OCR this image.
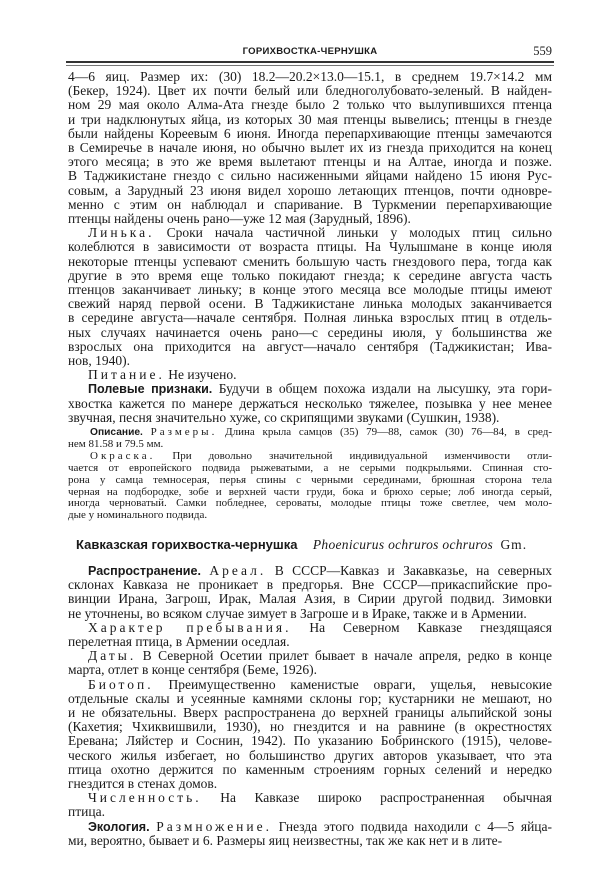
ГОРИХВОСТКА-ЧЕРНУШКА	559
4—6 яиц. Размер их: (30) 18.2—20.2×13.0—15.1, в среднем 19.7×14.2 мм
(Бекер, 1924). Цвет их почти белый или бледноголубовато-зеленый. В найден-
ном 29 мая около Алма-Ата гнезде было 2 только что вылупившихся птенца
и три надклюнутых яйца, из которых 30 мая птенцы вывелись; птенцы в гнезде
были найдены Кореевым 6 июня. Иногда перепархивающие птенцы замечаются
в Семиречье в начале июня, но обычно вылет их из гнезда приходится на конец
этого месяца; в это же время вылетают птенцы и на Алтае, иногда и позже.
В Таджикистане гнездо с сильно насиженными яйцами найдено 15 июня Рус-
совым, а Зарудный 23 июня видел хорошо летающих птенцов, почти одновре-
менно с этим он наблюдал и спаривание. В Туркмении перепархивающие
птенцы найдены очень рано—уже 12 мая (Зарудный, 1896).
Линька. Сроки начала частичной линьки у молодых птиц сильно
колеблются в зависимости от возраста птицы. На Чулышмане в конце июля
некоторые птенцы успевают сменить большую часть гнездового пера, тогда как
другие в это время еще только покидают гнезда; к середине августа часть
птенцов заканчивает линьку; в конце этого месяца все молодые птицы имеют
свежий наряд первой осени. В Таджикистане линька молодых заканчивается
в середине августа—начале сентября. Полная линька взрослых птиц в отдель-
ных случаях начинается очень рано—с середины июля, у большинства же
взрослых она приходится на август—начало сентября (Таджикистан; Ива-
нов, 1940).
Питание. Не изучено.
Полевые признаки. Будучи в общем похожа издали на лысушку, эта гори-
хвостка кажется по манере держаться несколько тяжелее, позывка у нее менее
звучная, песня значительно хуже, со скрипящими звуками (Сушкин, 1938).
Описание. Размеры. Длина крыла самцов (35) 79—88, самок (30) 76—84, в сред-
нем 81.58 и 79.5 мм.
Окраска. При довольно значительной индивидуальной изменчивости отли-
чается от европейского подвида рыжеватыми, а не серыми подкрыльями. Спинная сто-
рона у самца темносерая, перья спины с черными серединами, брюшная сторона тела
черная на подбородке, зобе и верхней части груди, бока и брюхо серые; лоб иногда серый,
иногда черноватый. Самки побледнее, сероваты, молодые птицы тоже светлее, чем моло-
дые у номинального подвида.
Кавказская горихвостка-чернушка Phoenicurus ochruros ochruros Gm.
Распространение. Ареал. В СССР—Кавказ и Закавказье, на северных
склонах Кавказа не проникает в предгорья. Вне СССР—прикаспийские про-
винции Ирана, Загрош, Ирак, Малая Азия, в Сирии другой подвид. Зимовки
не уточнены, во всяком случае зимует в Загроше и в Ираке, также и в Армении.
Характер пребывания. На Северном Кавказе гнездящаяся
перелетная птица, в Армении оседлая.
Даты. В Северной Осетии прилет бывает в начале апреля, редко в конце
марта, отлет в конце сентября (Беме, 1926).
Биотоп. Преимущественно каменистые овраги, ущелья, невысокие
отдельные скалы и усеянные камнями склоны гор; кустарники не мешают, но
и не обязательны. Вверх распространена до верхней границы альпийской зоны
(Кахетия; Чхиквишвили, 1930), но гнездится и на равнине (в окрестностях
Еревана; Ляйстер и Соснин, 1942). По указанию Бобринского (1915), челове-
ческого жилья избегает, но большинство других авторов указывает, что эта
птица охотно держится по каменным строениям горных селений и нередко
гнездится в стенах домов.
Численность. На Кавказе широко распространенная обычная
птица.
Экология. Размножение. Гнезда этого подвида находили с 4—5 яйца-
ми, вероятно, бывает и 6. Размеры яиц неизвестны, так же как нет и в лите-
